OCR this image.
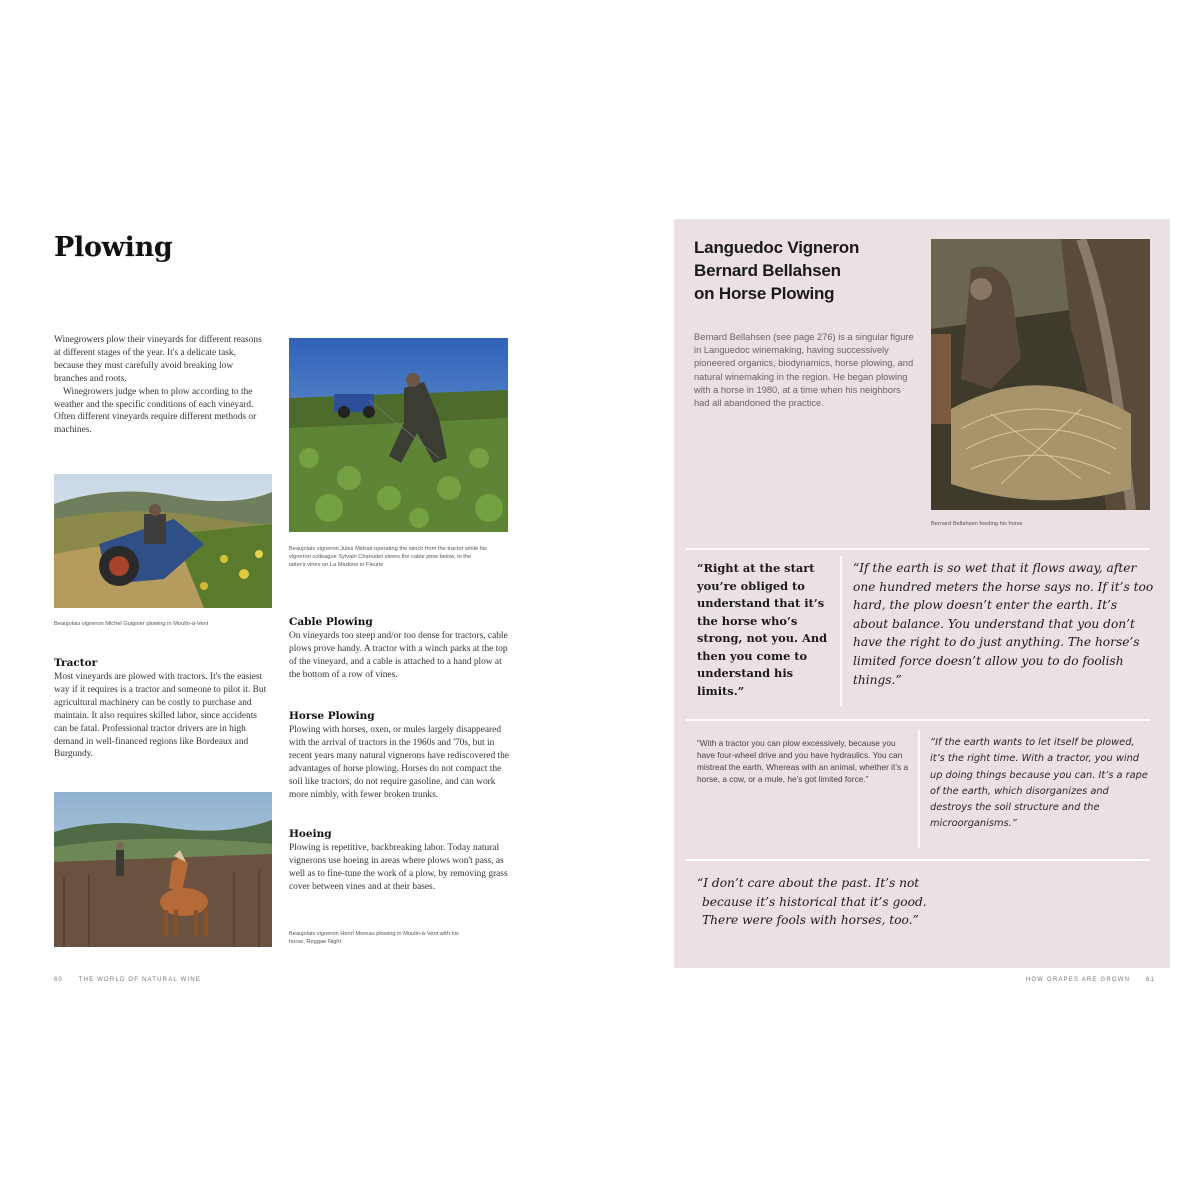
Plowing

Winegrowers plow their vineyards for different reasons at different stages of the year. It's a delicate task, because they must carefully avoid breaking low branches and roots.

Winegrowers judge when to plow according to the weather and the specific conditions of each vineyard. Often different vineyards require different methods or machines.

Beaujolais vigneron Michel Guignier plowing in Moulin-à-Vent

Tractor

Most vineyards are plowed with tractors. It's the easiest way if it requires is a tractor and someone to pilot it. But agricultural machinery can be costly to purchase and maintain. It also requires skilled labor, since accidents can be fatal. Professional tractor drivers are in high demand in well-financed regions like Bordeaux and Burgundy.

Beaujolais vigneron Jules Métras operating the winch from the tractor while his vigneron colleague Sylvain Chanudet steers the cable plow below, in the latter's vines on La Madone in Fleurie

Cable Plowing

On vineyards too steep and/or too dense for tractors, cable plows prove handy. A tractor with a winch parks at the top of the vineyard, and a cable is attached to a hand plow at the bottom of a row of vines.

Horse Plowing

Plowing with horses, oxen, or mules largely disappeared with the arrival of tractors in the 1960s and '70s, but in recent years many natural vignerons have rediscovered the advantages of horse plowing. Horses do not compact the soil like tractors, do not require gasoline, and can work more nimbly, with fewer broken trunks.

Hoeing

Plowing is repetitive, backbreaking labor. Today natural vignerons use hoeing in areas where plows won't pass, as well as to fine-tune the work of a plow, by removing grass cover between vines and at their bases.

Beaujolais vigneron Henri Moreau plowing in Moulin-à-Vent with his horse, Reggae Night

60	THE WORLD OF NATURAL WINE
Languedoc Vigneron
Bernard Bellahsen
on Horse Plowing

Bernard Bellahsen (see page 276) is a singular figure in Languedoc winemaking, having successively pioneered organics, biodynamics, horse plowing, and natural winemaking in the region. He began plowing with a horse in 1980, at a time when his neighbors had all abandoned the practice.

Bernard Bellahsen feeding his horse

“Right at the start you’re obliged to understand that it’s the horse who’s strong, not you. And then you come to understand his limits.”

“If the earth is so wet that it flows away, after one hundred meters the horse says no. If it’s too hard, the plow doesn’t enter the earth. It’s about balance. You understand that you don’t have the right to do just anything. The horse’s limited force doesn’t allow you to do foolish things.”

“With a tractor you can plow excessively, because you have four-wheel drive and you have hydraulics. You can mistreat the earth. Whereas with an animal, whether it’s a horse, a cow, or a mule, he’s got limited force.”

“If the earth wants to let itself be plowed, it’s the right time. With a tractor, you wind up doing things because you can. It’s a rape of the earth, which disorganizes and destroys the soil structure and the microorganisms.”

“I don’t care about the past. It’s not
because it’s historical that it’s good.
There were fools with horses, too.”
HOW GRAPES ARE GROWN	61
